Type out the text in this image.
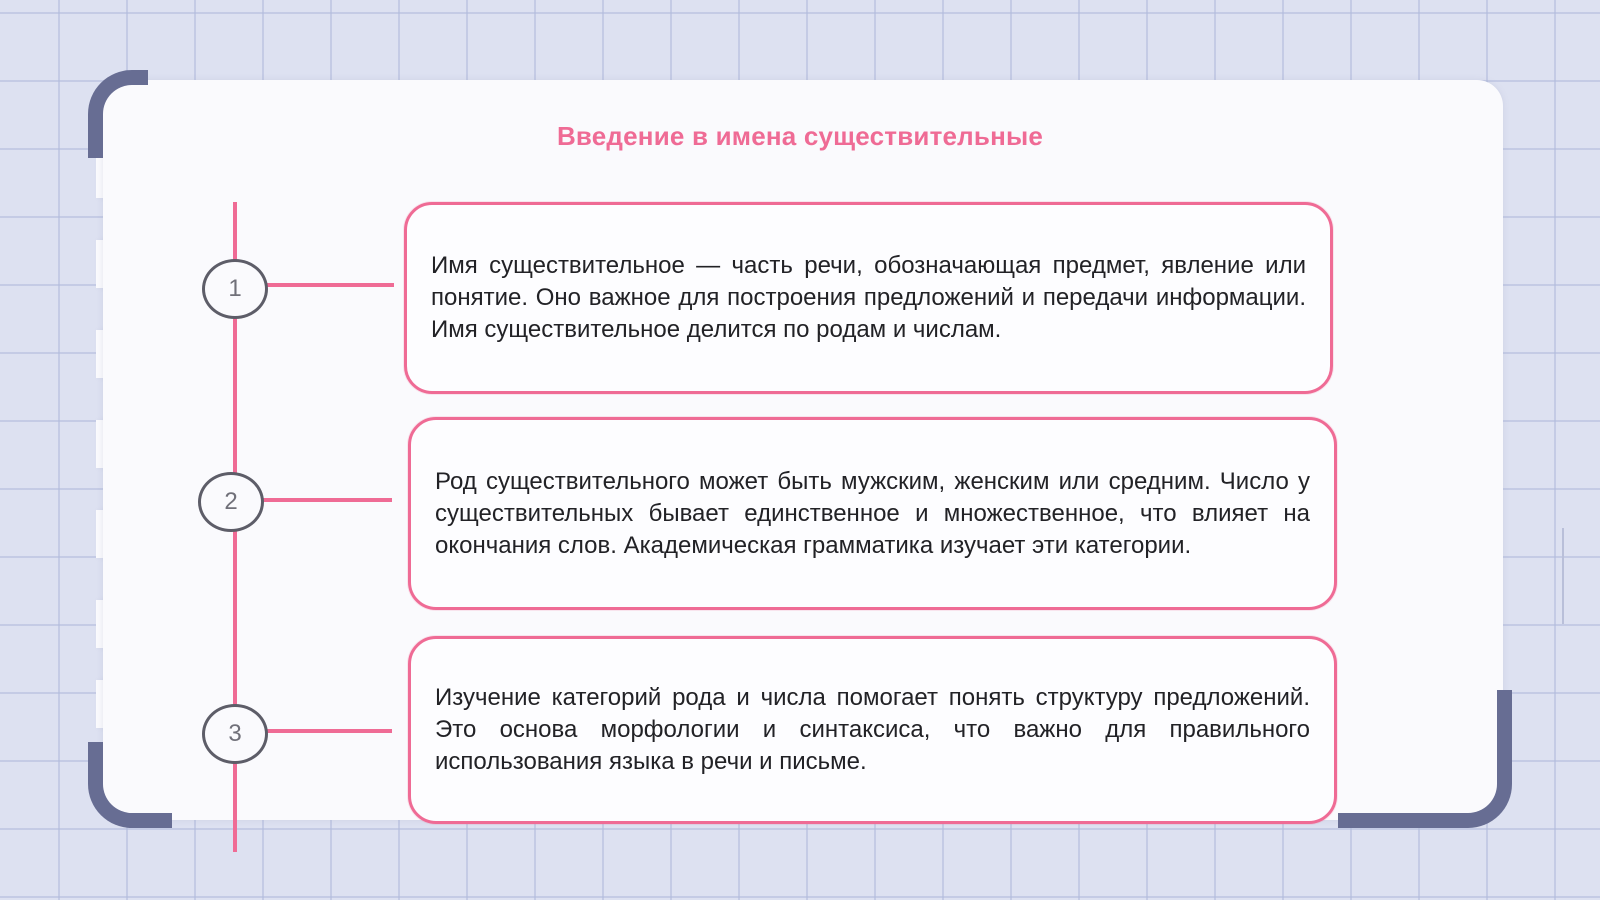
Введение в имена существительные
1

Имя существительное — часть речи, обозначающая предмет, явление или понятие. Оно важное для построения предложений и передачи информации. Имя существительное делится по родам и числам.

2

Род существительного может быть мужским, женским или средним. Число у существительных бывает единственное и множественное, что влияет на окончания слов. Академическая грамматика изучает эти категории.

3

Изучение категорий рода и числа помогает понять структуру предложений. Это основа морфологии и синтаксиса, что важно для правильного использования языка в речи и письме.
